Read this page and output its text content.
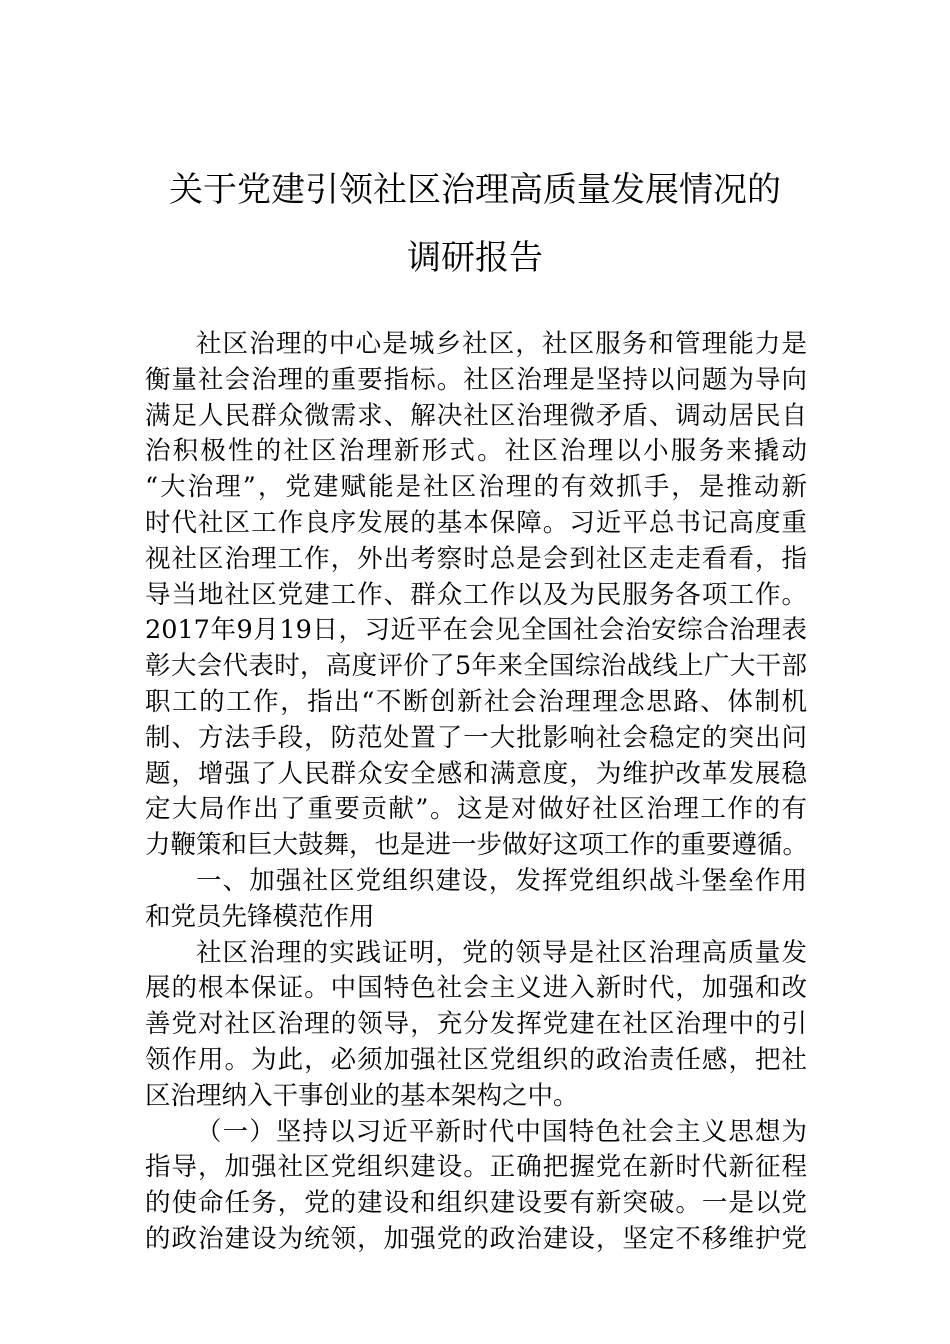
关于党建引领社区治理高质量发展情况的
调研报告
社区治理的中心是城乡社区，社区服务和管理能力是
衡量社会治理的重要指标。社区治理是坚持以问题为导向
满足人民群众微需求、解决社区治理微矛盾、调动居民自
治积极性的社区治理新形式。社区治理以小服务来撬动
“大治理”，党建赋能是社区治理的有效抓手，是推动新
时代社区工作良序发展的基本保障。习近平总书记高度重
视社区治理工作，外出考察时总是会到社区走走看看，指
导当地社区党建工作、群众工作以及为民服务各项工作。
2017年9月19日，习近平在会见全国社会治安综合治理表
彰大会代表时，高度评价了5年来全国综治战线上广大干部
职工的工作，指出“不断创新社会治理理念思路、体制机
制、方法手段，防范处置了一大批影响社会稳定的突出问
题，增强了人民群众安全感和满意度，为维护改革发展稳
定大局作出了重要贡献”。这是对做好社区治理工作的有
力鞭策和巨大鼓舞，也是进一步做好这项工作的重要遵循。
一、加强社区党组织建设，发挥党组织战斗堡垒作用
和党员先锋模范作用
社区治理的实践证明，党的领导是社区治理高质量发
展的根本保证。中国特色社会主义进入新时代，加强和改
善党对社区治理的领导，充分发挥党建在社区治理中的引
领作用。为此，必须加强社区党组织的政治责任感，把社
区治理纳入干事创业的基本架构之中。
（一）坚持以习近平新时代中国特色社会主义思想为
指导，加强社区党组织建设。正确把握党在新时代新征程
的使命任务，党的建设和组织建设要有新突破。一是以党
的政治建设为统领，加强党的政治建设，坚定不移维护党
